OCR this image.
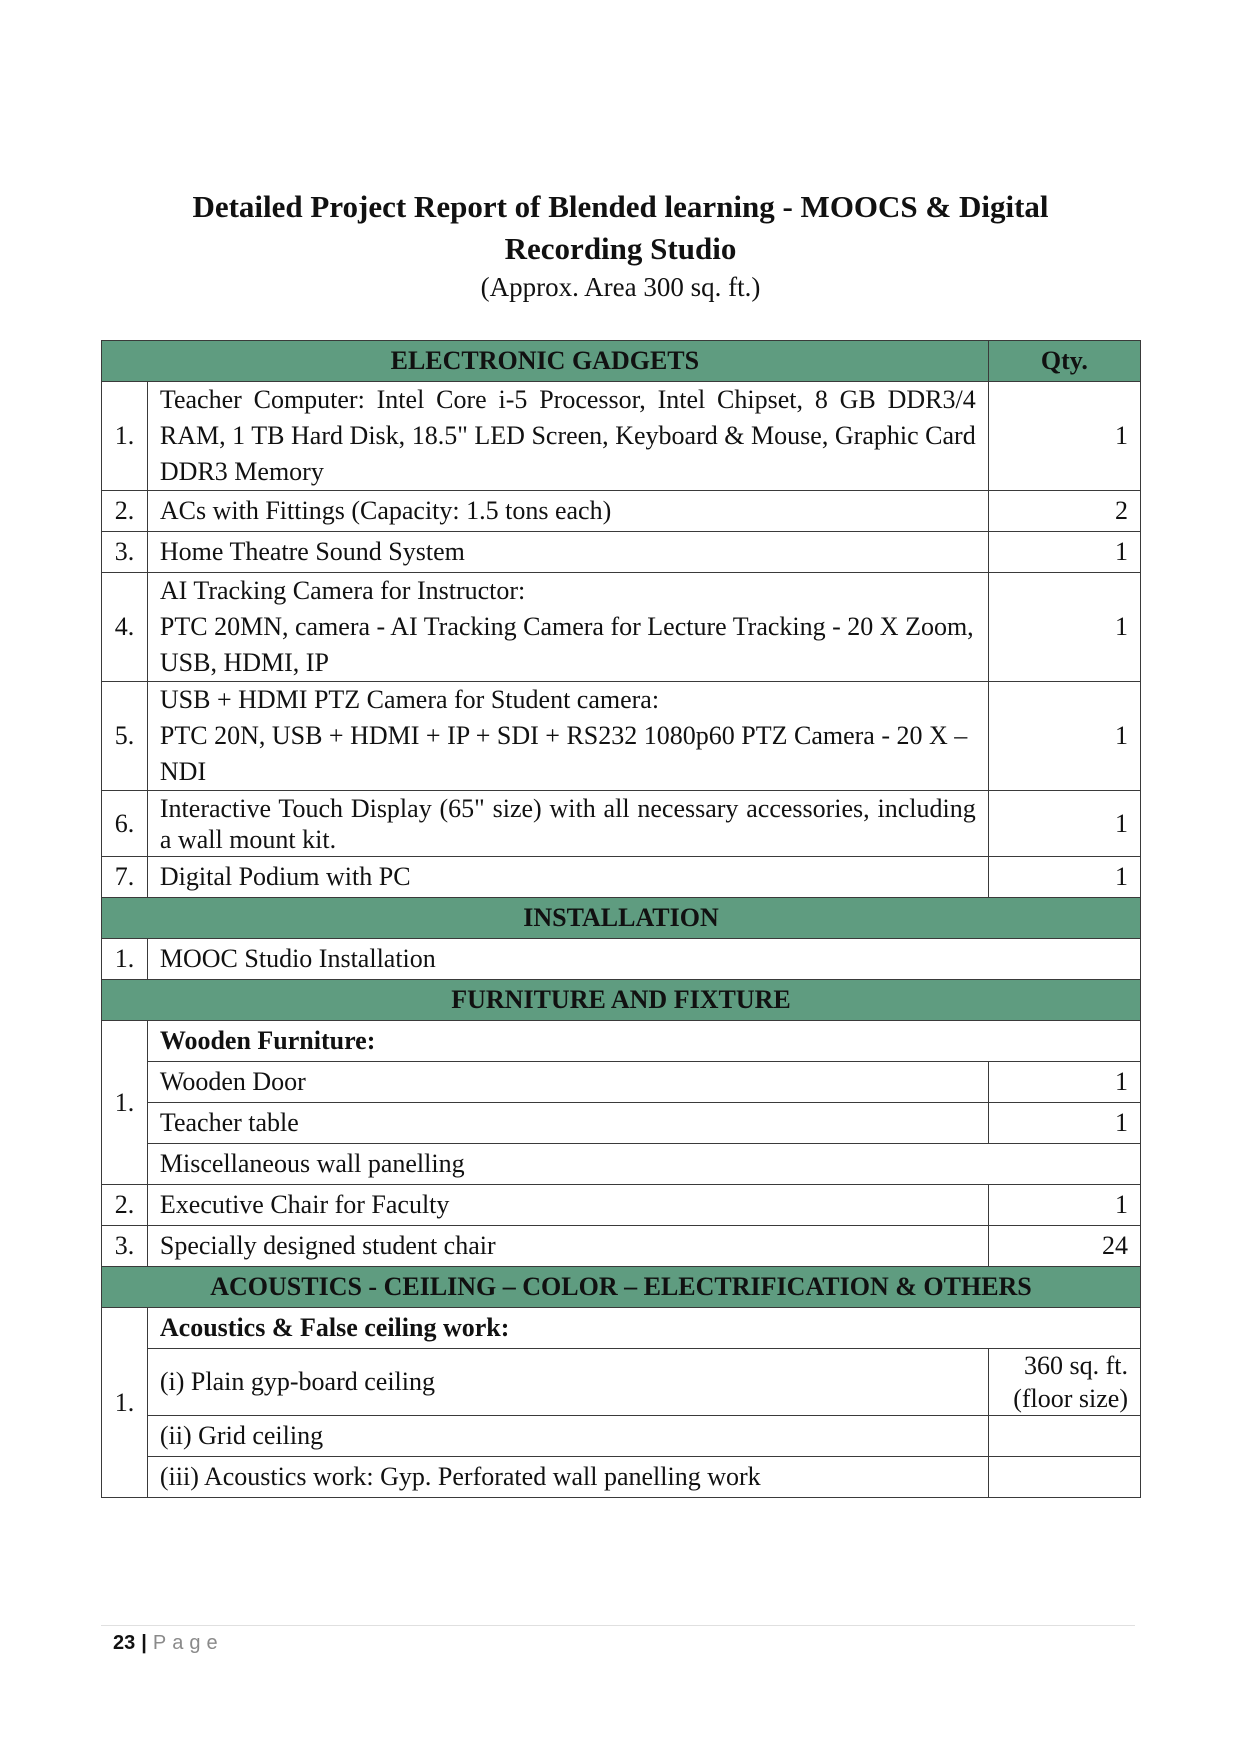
Detailed Project Report of Blended learning - MOOCS & Digital
Recording Studio
(Approx. Area 300 sq. ft.)
ELECTRONIC GADGETS		Qty.
1.	Teacher Computer: Intel Core i-5 Processor, Intel Chipset, 8 GB DDR3/4 RAM, 1 TB Hard Disk, 18.5" LED Screen, Keyboard & Mouse, Graphic Card DDR3 Memory	1
2.	ACs with Fittings (Capacity: 1.5 tons each)	2
3.	Home Theatre Sound System	1
4.	AI Tracking Camera for Instructor:
PTC 20MN, camera - AI Tracking Camera for Lecture Tracking - 20 X Zoom, USB, HDMI, IP	1
5.	USB + HDMI PTZ Camera for Student camera:
PTC 20N, USB + HDMI + IP + SDI + RS232 1080p60 PTZ Camera - 20 X – NDI	1
6.	Interactive Touch Display (65" size) with all necessary accessories, including a wall mount kit.	1
7.	Digital Podium with PC	1
INSTALLATION		
1.	MOOC Studio Installation	
FURNITURE AND FIXTURE		
1.	Wooden Furniture:	
	Wooden Door	1
	Teacher table	1
	Miscellaneous wall panelling	
2.	Executive Chair for Faculty	1
3.	Specially designed student chair	24
ACOUSTICS - CEILING – COLOR – ELECTRIFICATION & OTHERS		
1.	Acoustics & False ceiling work:	
	(i) Plain gyp-board ceiling	360 sq. ft.
(floor size)

	(ii) Grid ceiling	
	(iii) Acoustics work: Gyp. Perforated wall panelling work	
23 | Page
